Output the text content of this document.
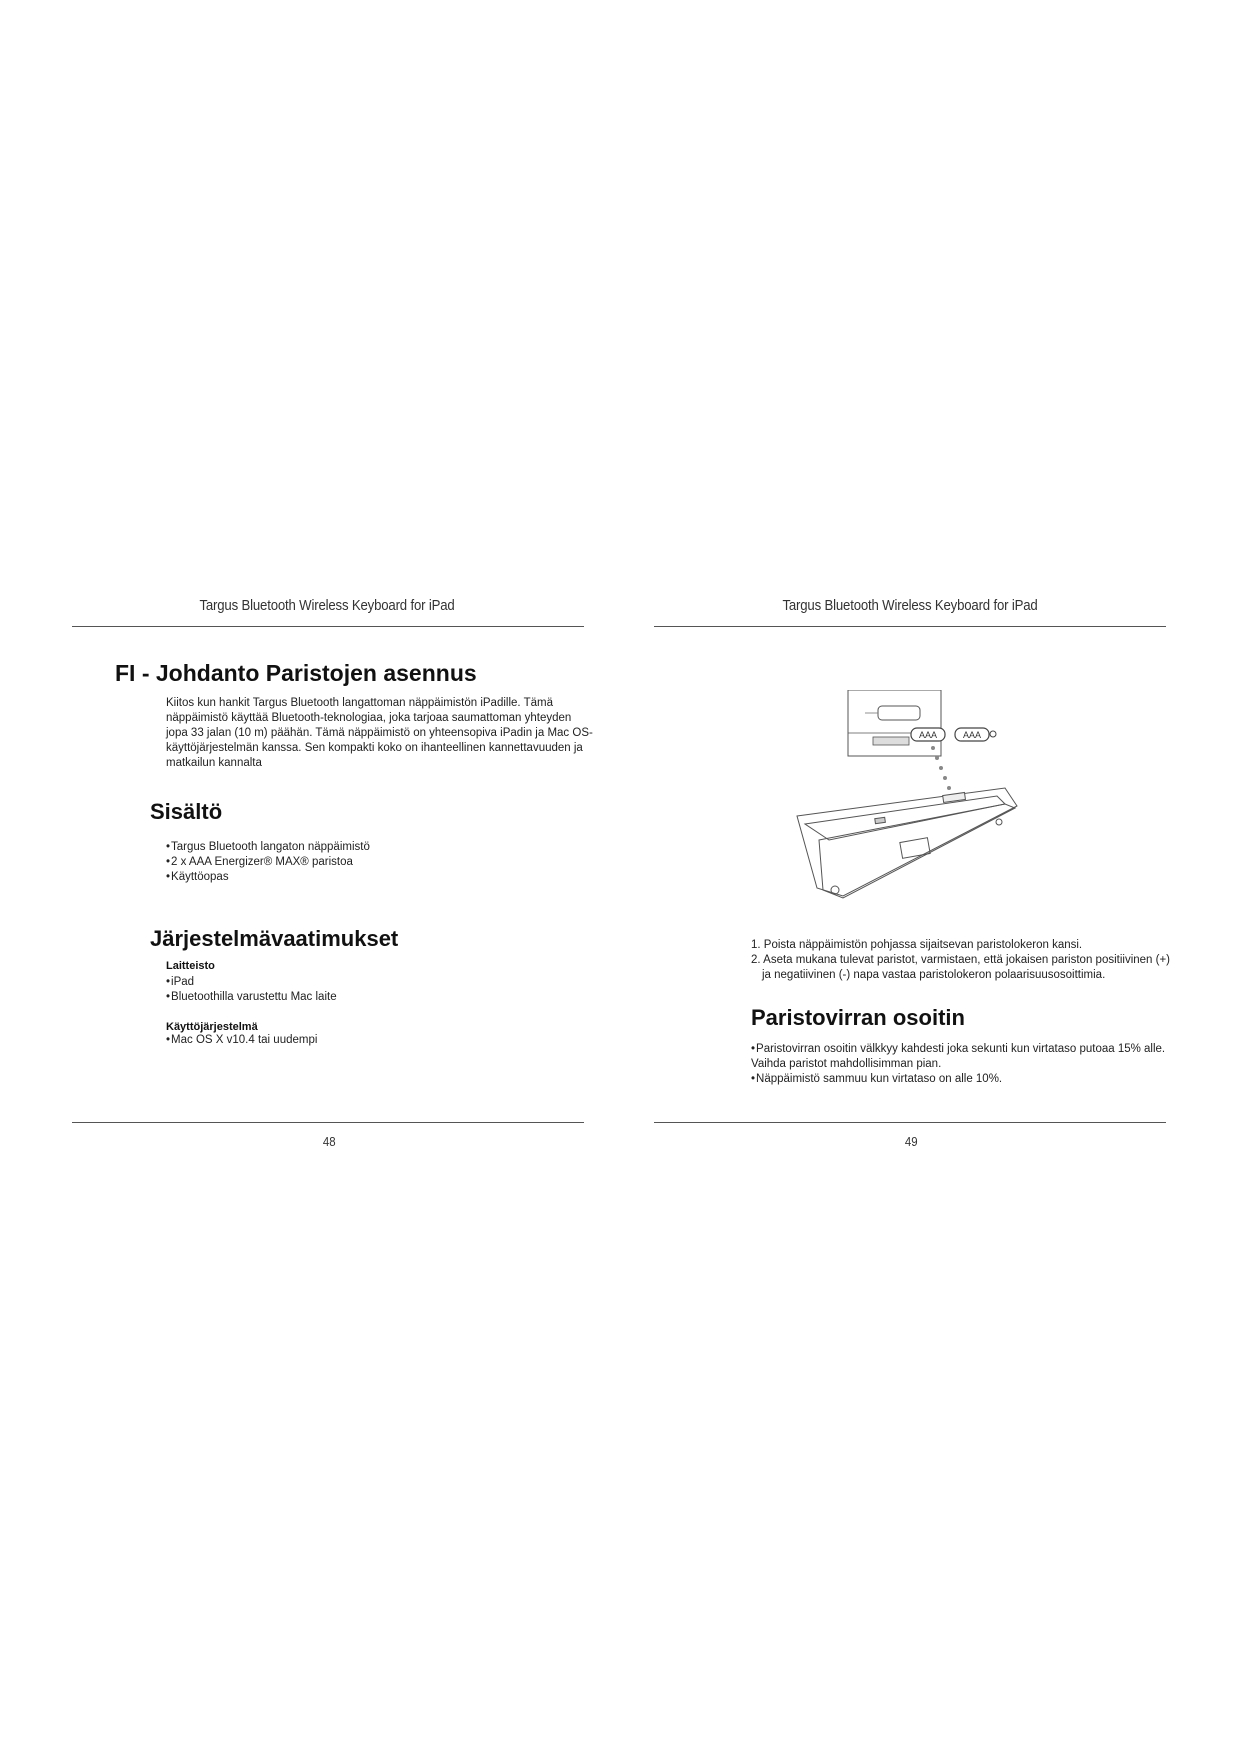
Targus Bluetooth Wireless Keyboard for iPad
FI - Johdanto Paristojen asennus

Kiitos kun hankit Targus Bluetooth langattoman näppäimistön iPadille. Tämä näppäimistö käyttää Bluetooth-teknologiaa, joka tarjoaa saumattoman yhteyden jopa 33 jalan (10 m) päähän. Tämä näppäimistö on yhteensopiva iPadin ja Mac OS-käyttöjärjestelmän kanssa. Sen kompakti koko on ihanteellinen kannettavuuden ja matkailun kannalta

Sisältö
• Targus Bluetooth langaton näppäimistö
• 2 x AAA Energizer® MAX® paristoa
• Käyttöopas
Järjestelmävaatimukset

Laitteisto

• iPad
• Bluetoothilla varustettu Mac laite

Käyttöjärjestelmä

• Mac OS X v10.4 tai uudempi
48
Targus Bluetooth Wireless Keyboard for iPad
AAA	AAA
1. Poista näppäimistön pohjassa sijaitsevan paristolokeron kansi.
2. Aseta mukana tulevat paristot, varmistaen, että jokaisen pariston positiivinen (+) ja negatiivinen (-) napa vastaa paristolokeron polaarisuusosoittimia.
Paristovirran osoitin
• Paristovirran osoitin välkkyy kahdesti joka sekunti kun virtataso putoaa 15% alle. Vaihda paristot mahdollisimman pian.
• Näppäimistö sammuu kun virtataso on alle 10%.
49
